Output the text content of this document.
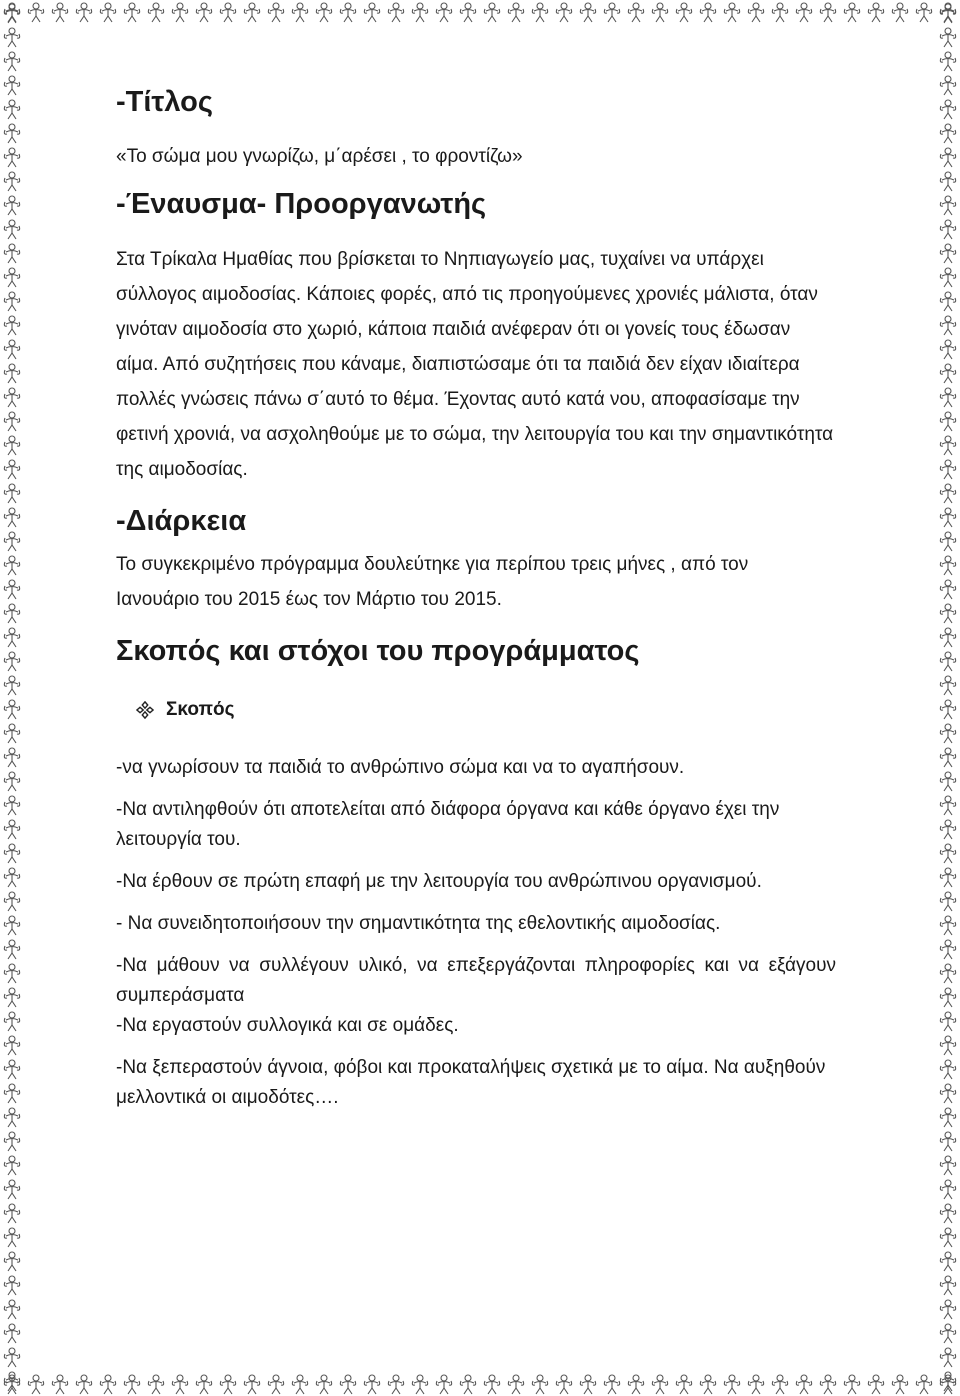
-Τίτλος
«Το σώμα μου γνωρίζω, μ΄αρέσει , το φροντίζω»
-Έναυσμα- Προοργανωτής

Στα Τρίκαλα Ημαθίας που βρίσκεται το Νηπιαγωγείο μας, τυχαίνει να υπάρχει σύλλογος αιμοδοσίας. Κάποιες φορές, από τις προηγούμενες χρονιές μάλιστα, όταν γινόταν αιμοδοσία στο χωριό, κάποια παιδιά ανέφεραν ότι οι γονείς τους έδωσαν αίμα. Από συζητήσεις που κάναμε, διαπιστώσαμε ότι τα παιδιά δεν είχαν ιδιαίτερα πολλές γνώσεις πάνω σ΄αυτό το θέμα. Έχοντας αυτό κατά νου, αποφασίσαμε την φετινή χρονιά, να ασχοληθούμε με το σώμα, την λειτουργία του και την σημαντικότητα της αιμοδοσίας.

-Διάρκεια

Το συγκεκριμένο πρόγραμμα δουλεύτηκε για περίπου τρεις μήνες , από τον Ιανουάριο του 2015 έως τον Μάρτιο του 2015.

Σκοπός και στόχοι του προγράμματος
Σκοπός
-να γνωρίσουν τα παιδιά το ανθρώπινο σώμα και να το αγαπήσουν.
-Να αντιληφθούν ότι αποτελείται από διάφορα όργανα και κάθε όργανο έχει την λειτουργία του.
-Να έρθουν σε πρώτη επαφή με την λειτουργία του ανθρώπινου οργανισμού.
- Να συνειδητοποιήσουν την σημαντικότητα της εθελοντικής αιμοδοσίας.
-Να μάθουν να συλλέγουν υλικό, να επεξεργάζονται πληροφορίες και να εξάγουν συμπεράσματα
-Να εργαστούν συλλογικά και σε ομάδες.
-Να ξεπεραστούν άγνοια, φόβοι και προκαταλήψεις σχετικά με το αίμα. Να αυξηθούν μελλοντικά οι αιμοδότες….
